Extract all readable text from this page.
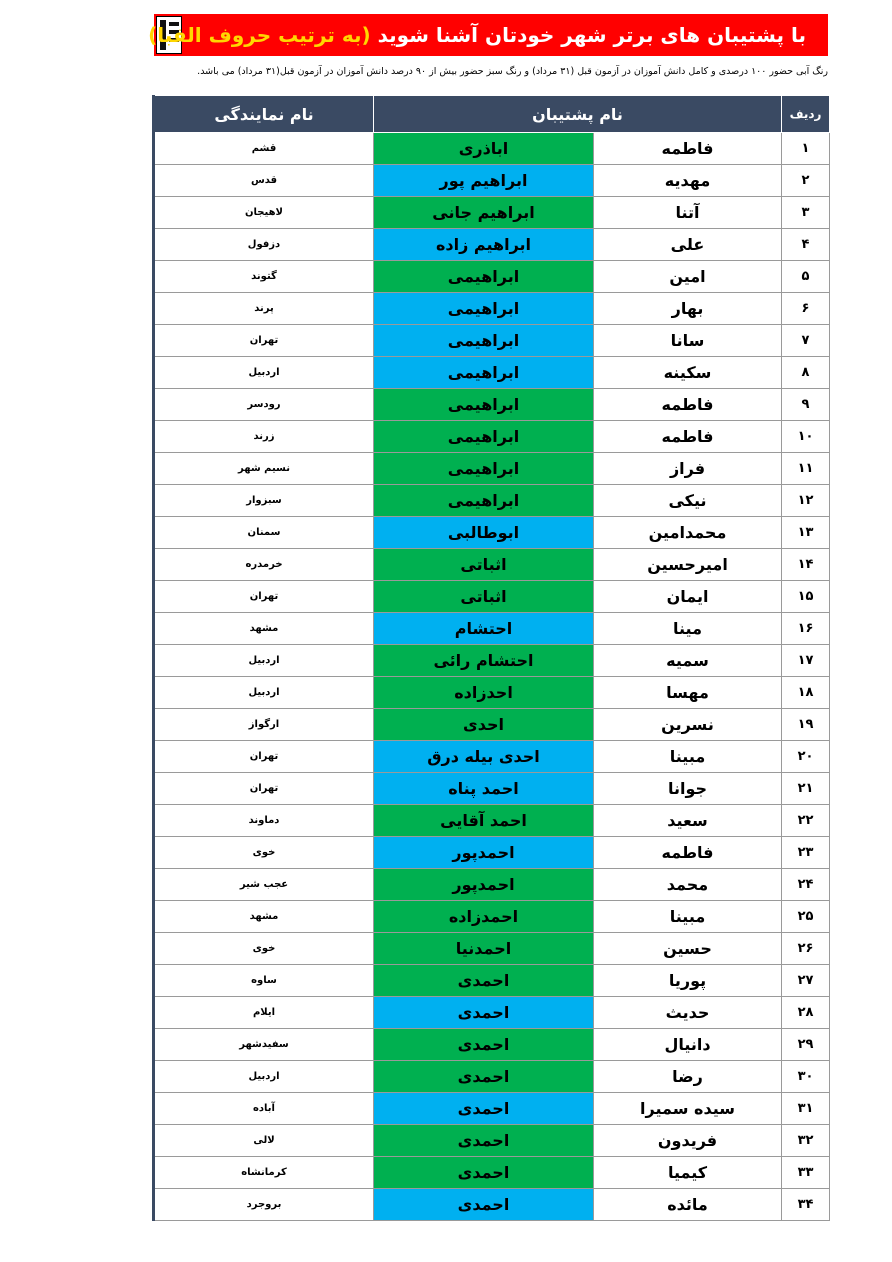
با پشتیبان های برتر شهر خودتان آشنا شوید (به ترتیب حروف الفبا)
رنگ آبی حضور ۱۰۰ درصدی و کامل دانش آموزان در آزمون قبل (۳۱ مرداد) و رنگ سبز حضور بیش از ۹۰ درصد دانش آموزان در آزمون قبل(۳۱ مرداد) می باشد.
نام نمایندگی	نام پشتیبان		ردیف
قشم	اباذری	فاطمه	۱
قدس	ابراهیم پور	مهدیه	۲
لاهیجان	ابراهیم جانی	آتنا	۳
دزفول	ابراهیم زاده	علی	۴
گتوند	ابراهیمی	امین	۵
پرند	ابراهیمی	بهار	۶
تهران	ابراهیمی	سانا	۷
اردبیل	ابراهیمی	سکینه	۸
رودسر	ابراهیمی	فاطمه	۹
زرند	ابراهیمی	فاطمه	۱۰
نسیم شهر	ابراهیمی	فراز	۱۱
سبزوار	ابراهیمی	نیکی	۱۲
سمنان	ابوطالبی	محمدامین	۱۳
خرمدره	اثباتی	امیرحسین	۱۴
تهران	اثباتی	ایمان	۱۵
مشهد	احتشام	مینا	۱۶
اردبیل	احتشام رائی	سمیه	۱۷
اردبیل	احدزاده	مهسا	۱۸
ارگواز	احدی	نسرین	۱۹
تهران	احدی بیله درق	مبینا	۲۰
تهران	احمد پناه	جوانا	۲۱
دماوند	احمد آقایی	سعید	۲۲
خوی	احمدپور	فاطمه	۲۳
عجب شیر	احمدپور	محمد	۲۴
مشهد	احمدزاده	مبینا	۲۵
خوی	احمدنیا	حسین	۲۶
ساوه	احمدی	پوریا	۲۷
ایلام	احمدی	حدیث	۲۸
سفیدشهر	احمدی	دانیال	۲۹
اردبیل	احمدی	رضا	۳۰
آباده	احمدی	سیده سمیرا	۳۱
لالی	احمدی	فریدون	۳۲
کرمانشاه	احمدی	کیمیا	۳۳
بروجرد	احمدی	مائده	۳۴
